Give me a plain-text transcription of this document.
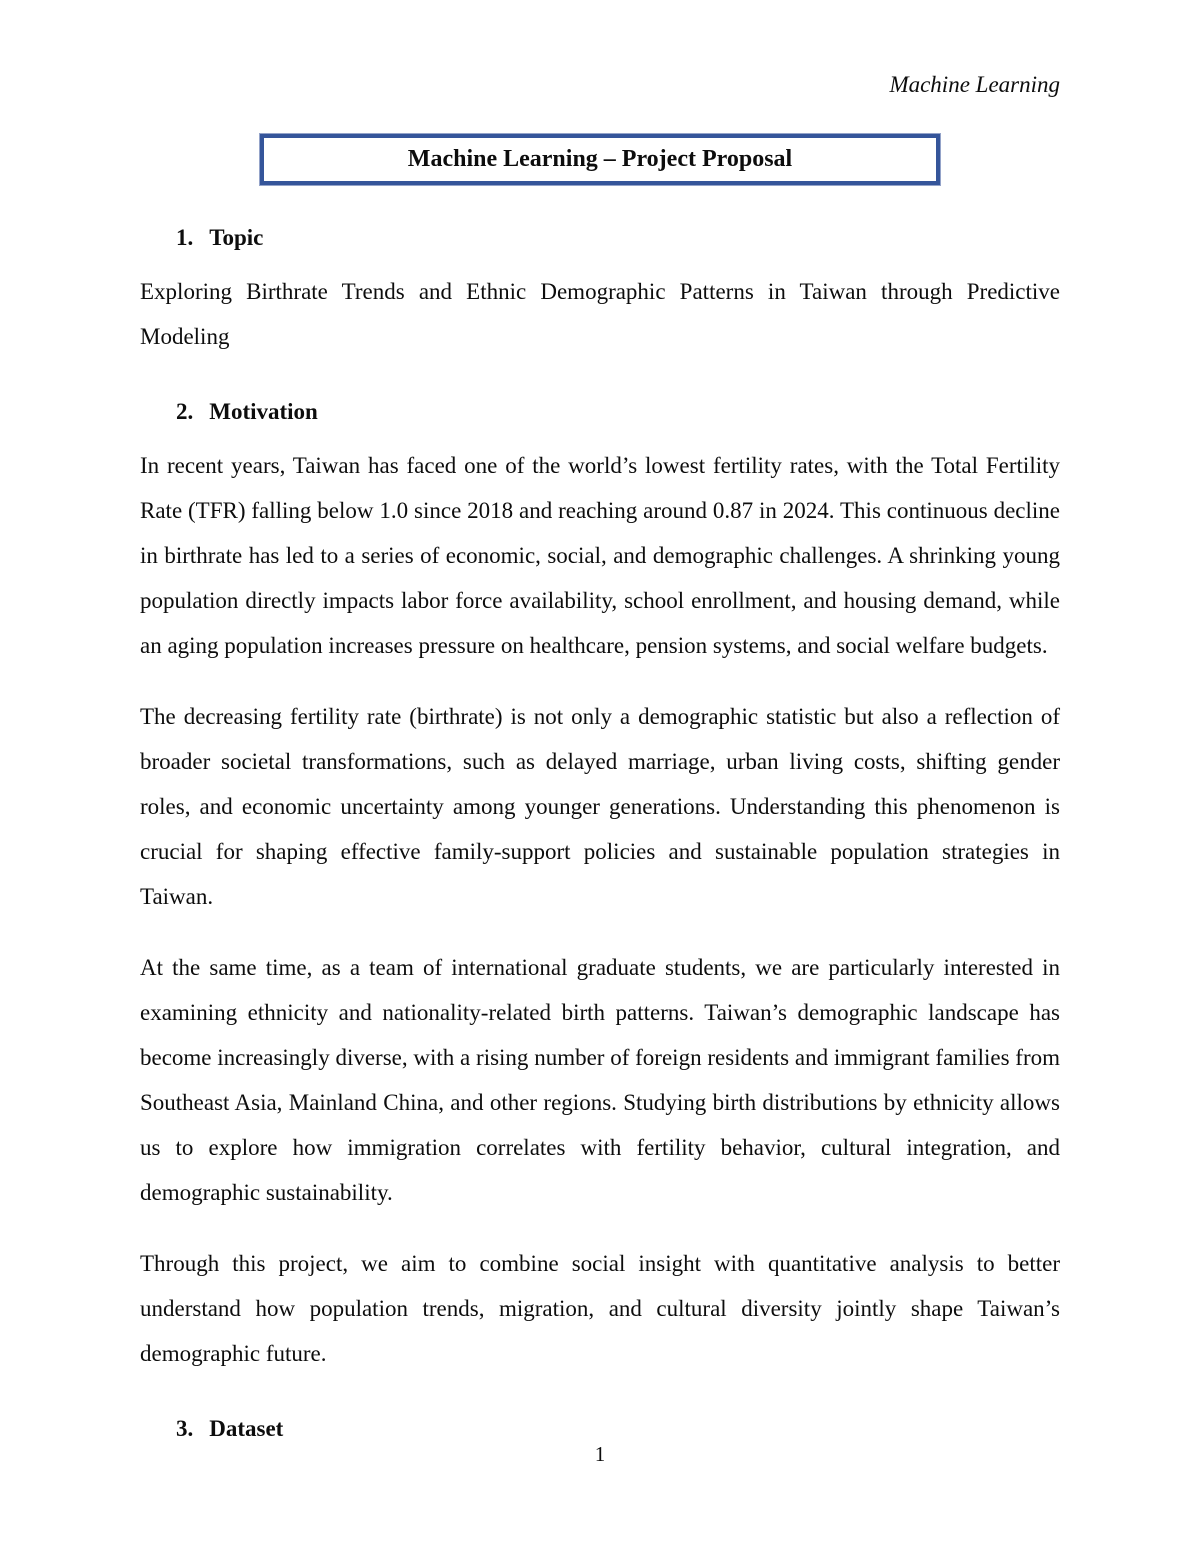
Machine Learning
Machine Learning – Project Proposal
1. Topic

Exploring Birthrate Trends and Ethnic Demographic Patterns in Taiwan through Predictive Modeling

2. Motivation

In recent years, Taiwan has faced one of the world’s lowest fertility rates, with the Total Fertility Rate (TFR) falling below 1.0 since 2018 and reaching around 0.87 in 2024. This continuous decline in birthrate has led to a series of economic, social, and demographic challenges. A shrinking young population directly impacts labor force availability, school enrollment, and housing demand, while an aging population increases pressure on healthcare, pension systems, and social welfare budgets.

The decreasing fertility rate (birthrate) is not only a demographic statistic but also a reflection of broader societal transformations, such as delayed marriage, urban living costs, shifting gender roles, and economic uncertainty among younger generations. Understanding this phenomenon is crucial for shaping effective family-support policies and sustainable population strategies in Taiwan.

At the same time, as a team of international graduate students, we are particularly interested in examining ethnicity and nationality-related birth patterns. Taiwan’s demographic landscape has become increasingly diverse, with a rising number of foreign residents and immigrant families from Southeast Asia, Mainland China, and other regions. Studying birth distributions by ethnicity allows us to explore how immigration correlates with fertility behavior, cultural integration, and demographic sustainability.

Through this project, we aim to combine social insight with quantitative analysis to better understand how population trends, migration, and cultural diversity jointly shape Taiwan’s demographic future.

3. Dataset
1
